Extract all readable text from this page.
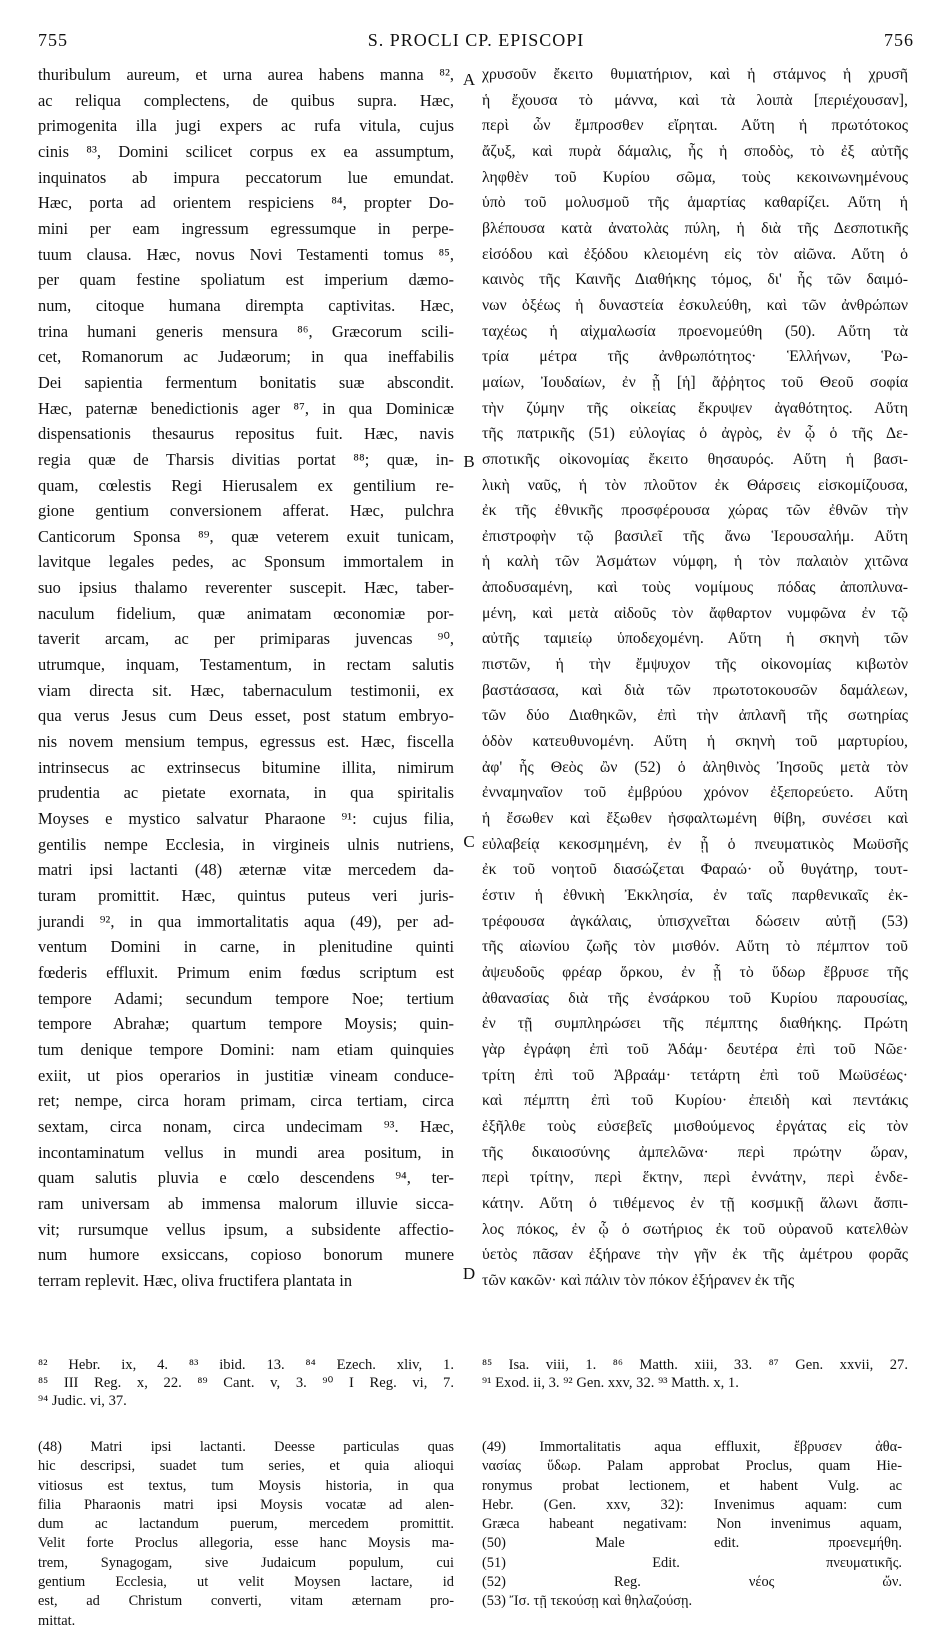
755	S. PROCLI CP. EPISCOPI	756
thuribulum aureum, et urna aurea habens manna ⁸²,
ac reliqua complectens, de quibus supra. Hæc,
primogenita illa jugi expers ac rufa vitula, cujus
cinis ⁸³, Domini scilicet corpus ex ea assumptum,
inquinatos ab impura peccatorum lue emundat.
Hæc, porta ad orientem respiciens ⁸⁴, propter Do-
mini per eam ingressum egressumque in perpe-
tuum clausa. Hæc, novus Novi Testamenti tomus ⁸⁵,
per quam festine spoliatum est imperium dæmo-
num, citoque humana dirempta captivitas. Hæc,
trina humani generis mensura ⁸⁶, Græcorum scili-
cet, Romanorum ac Judæorum; in qua ineffabilis
Dei sapientia fermentum bonitatis suæ abscondit.
Hæc, paternæ benedictionis ager ⁸⁷, in qua Dominicæ
dispensationis thesaurus repositus fuit. Hæc, navis
regia quæ de Tharsis divitias portat ⁸⁸; quæ, in-
quam, cœlestis Regi Hierusalem ex gentilium re-
gione gentium conversionem afferat. Hæc, pulchra
Canticorum Sponsa ⁸⁹, quæ veterem exuit tunicam,
lavitque legales pedes, ac Sponsum immortalem in
suo ipsius thalamo reverenter suscepit. Hæc, taber-
naculum fidelium, quæ animatam œconomiæ por-
taverit arcam, ac per primiparas juvencas ⁹⁰,
utrumque, inquam, Testamentum, in rectam salutis
viam directa sit. Hæc, tabernaculum testimonii, ex
qua verus Jesus cum Deus esset, post statum embryo-
nis novem mensium tempus, egressus est. Hæc, fiscella
intrinsecus ac extrinsecus bitumine illita, nimirum
prudentia ac pietate exornata, in qua spiritalis
Moyses e mystico salvatur Pharaone ⁹¹: cujus filia,
gentilis nempe Ecclesia, in virgineis ulnis nutriens,
matri ipsi lactanti (48) æternæ vitæ mercedem da-
turam promittit. Hæc, quintus puteus veri juris-
jurandi ⁹², in qua immortalitatis aqua (49), per ad-
ventum Domini in carne, in plenitudine quinti
fœderis effluxit. Primum enim fœdus scriptum est
tempore Adami; secundum tempore Noe; tertium
tempore Abrahæ; quartum tempore Moysis; quin-
tum denique tempore Domini: nam etiam quinquies
exiit, ut pios operarios in justitiæ vineam conduce-
ret; nempe, circa horam primam, circa tertiam, circa
sextam, circa nonam, circa undecimam ⁹³. Hæc,
incontaminatum vellus in mundi area positum, in
quam salutis pluvia e cœlo descendens ⁹⁴, ter-
ram universam ab immensa malorum illuvie sicca-
vit; rursumque vellus ipsum, a subsidente affectio-
num humore exsiccans, copioso bonorum munere
terram replevit. Hæc, oliva fructifera plantata in
χρυσοῦν ἔκειτο θυμιατήριον, καὶ ἡ στάμνος ἡ χρυσῆ
ἡ ἔχουσα τὸ μάννα, καὶ τὰ λοιπὰ [περιέχουσαν],
περὶ ὧν ἔμπροσθεν εἴρηται. Αὕτη ἡ πρωτότοκος
ἄζυξ, καὶ πυρὰ δάμαλις, ἧς ἡ σποδὸς, τὸ ἐξ αὐτῆς
ληφθὲν τοῦ Κυρίου σῶμα, τοὺς κεκοινωνημένους
ὑπὸ τοῦ μολυσμοῦ τῆς ἁμαρτίας καθαρίζει. Αὕτη ἡ
βλέπουσα κατὰ ἀνατολὰς πύλη, ἡ διὰ τῆς Δεσποτικῆς
εἰσόδου καὶ ἐξόδου κλειομένη εἰς τὸν αἰῶνα. Αὕτη ὁ
καινὸς τῆς Καινῆς Διαθήκης τόμος, δι' ἧς τῶν δαιμό-
νων ὀξέως ἡ δυναστεία ἐσκυλεύθη, καὶ τῶν ἀνθρώπων
ταχέως ἡ αἰχμαλωσία προενομεύθη (50). Αὕτη τὰ
τρία μέτρα τῆς ἀνθρωπότητος· Ἑλλήνων, Ῥω-
μαίων, Ἰουδαίων, ἐν ᾗ [ἡ] ἄῤῥητος τοῦ Θεοῦ σοφία
τὴν ζύμην τῆς οἰκείας ἔκρυψεν ἀγαθότητος. Αὕτη
τῆς πατρικῆς (51) εὐλογίας ὁ ἀγρὸς, ἐν ᾧ ὁ τῆς Δε-
σποτικῆς οἰκονομίας ἔκειτο θησαυρός. Αὕτη ἡ βασι-
λικὴ ναῦς, ἡ τὸν πλοῦτον ἐκ Θάρσεις εἰσκομίζουσα,
ἐκ τῆς ἐθνικῆς προσφέρουσα χώρας τῶν ἐθνῶν τὴν
ἐπιστροφὴν τῷ βασιλεῖ τῆς ἄνω Ἱερουσαλήμ. Αὕτη
ἡ καλὴ τῶν Ἀσμάτων νύμφη, ἡ τὸν παλαιὸν χιτῶνα
ἀποδυσαμένη, καὶ τοὺς νομίμους πόδας ἀποπλυνα-
μένη, καὶ μετὰ αἰδοῦς τὸν ἄφθαρτον νυμφῶνα ἐν τῷ
αὐτῆς ταμιείῳ ὑποδεχομένη. Αὕτη ἡ σκηνὴ τῶν
πιστῶν, ἡ τὴν ἔμψυχον τῆς οἰκονομίας κιβωτὸν
βαστάσασα, καὶ διὰ τῶν πρωτοτοκουσῶν δαμάλεων,
τῶν δύο Διαθηκῶν, ἐπὶ τὴν ἀπλανῆ τῆς σωτηρίας
ὁδὸν κατευθυνομένη. Αὕτη ἡ σκηνὴ τοῦ μαρτυρίου,
ἀφ' ἧς Θεὸς ὢν (52) ὁ ἀληθινὸς Ἰησοῦς μετὰ τὸν
ἐνναμηναῖον τοῦ ἐμβρύου χρόνον ἐξεπορεύετο. Αὕτη
ἡ ἔσωθεν καὶ ἔξωθεν ἠσφαλτωμένη θίβη, συνέσει καὶ
εὐλαβείᾳ κεκοσμημένη, ἐν ᾗ ὁ πνευματικὸς Μωϋσῆς
ἐκ τοῦ νοητοῦ διασώζεται Φαραώ· οὗ θυγάτηρ, τουτ-
έστιν ἡ ἐθνικὴ Ἐκκλησία, ἐν ταῖς παρθενικαῖς ἐκ-
τρέφουσα ἀγκάλαις, ὑπισχνεῖται δώσειν αὐτῇ (53)
τῆς αἰωνίου ζωῆς τὸν μισθόν. Αὕτη τὸ πέμπτον τοῦ
ἀψευδοῦς φρέαρ ὅρκου, ἐν ᾗ τὸ ὕδωρ ἔβρυσε τῆς
ἀθανασίας διὰ τῆς ἐνσάρκου τοῦ Κυρίου παρουσίας,
ἐν τῇ συμπληρώσει τῆς πέμπτης διαθήκης. Πρώτη
γὰρ ἐγράφη ἐπὶ τοῦ Ἀδάμ· δευτέρα ἐπὶ τοῦ Νῶε·
τρίτη ἐπὶ τοῦ Ἀβραάμ· τετάρτη ἐπὶ τοῦ Μωϋσέως·
καὶ πέμπτη ἐπὶ τοῦ Κυρίου· ἐπειδὴ καὶ πεντάκις
ἐξῆλθε τοὺς εὐσεβεῖς μισθούμενος ἐργάτας εἰς τὸν
τῆς δικαιοσύνης ἀμπελῶνα· περὶ πρώτην ὥραν,
περὶ τρίτην, περὶ ἕκτην, περὶ ἐννάτην, περὶ ἑνδε-
κάτην. Αὕτη ὁ τιθέμενος ἐν τῇ κοσμικῇ ἅλωνι ἄσπι-
λος πόκος, ἐν ᾧ ὁ σωτήριος ἐκ τοῦ οὐρανοῦ κατελθὼν
ὑετὸς πᾶσαν ἐξήρανε τὴν γῆν ἐκ τῆς ἀμέτρου φορᾶς
τῶν κακῶν· καὶ πάλιν τὸν πόκον ἐξήρανεν ἐκ τῆς
A
B
C
D
⁸² Hebr. ix, 4. ⁸³ ibid. 13. ⁸⁴ Ezech. xliv, 1.
⁸⁵ III Reg. x, 22. ⁸⁹ Cant. v, 3. ⁹⁰ I Reg. vi, 7.
⁹⁴ Judic. vi, 37.
⁸⁵ Isa. viii, 1. ⁸⁶ Matth. xiii, 33. ⁸⁷ Gen. xxvii, 27.
⁹¹ Exod. ii, 3. ⁹² Gen. xxv, 32. ⁹³ Matth. x, 1.
(48) Matri ipsi lactanti. Deesse particulas quas
hic descripsi, suadet tum series, et quia alioqui
vitiosus est textus, tum Moysis historia, in qua
filia Pharaonis matri ipsi Moysis vocatæ ad alen-
dum ac lactandum puerum, mercedem promittit.
Velit forte Proclus allegoria, esse hanc Moysis ma-
trem, Synagogam, sive Judaicum populum, cui
gentium Ecclesia, ut velit Moysen lactare, id
est, ad Christum converti, vitam æternam pro-
mittat.
(49) Immortalitatis aqua effluxit, ἔβρυσεν ἀθα-
νασίας ὕδωρ. Palam approbat Proclus, quam Hie-
ronymus probat lectionem, et habent Vulg. ac
Hebr. (Gen. xxv, 32): Invenimus aquam: cum
Græca habeant negativam: Non invenimus aquam,
(50) Male edit. προενεμήθη.
(51) Edit. πνευματικῆς.
(52) Reg. νέος ὤν.
(53) Ἴσ. τῇ τεκούσῃ καὶ θηλαζούσῃ.
